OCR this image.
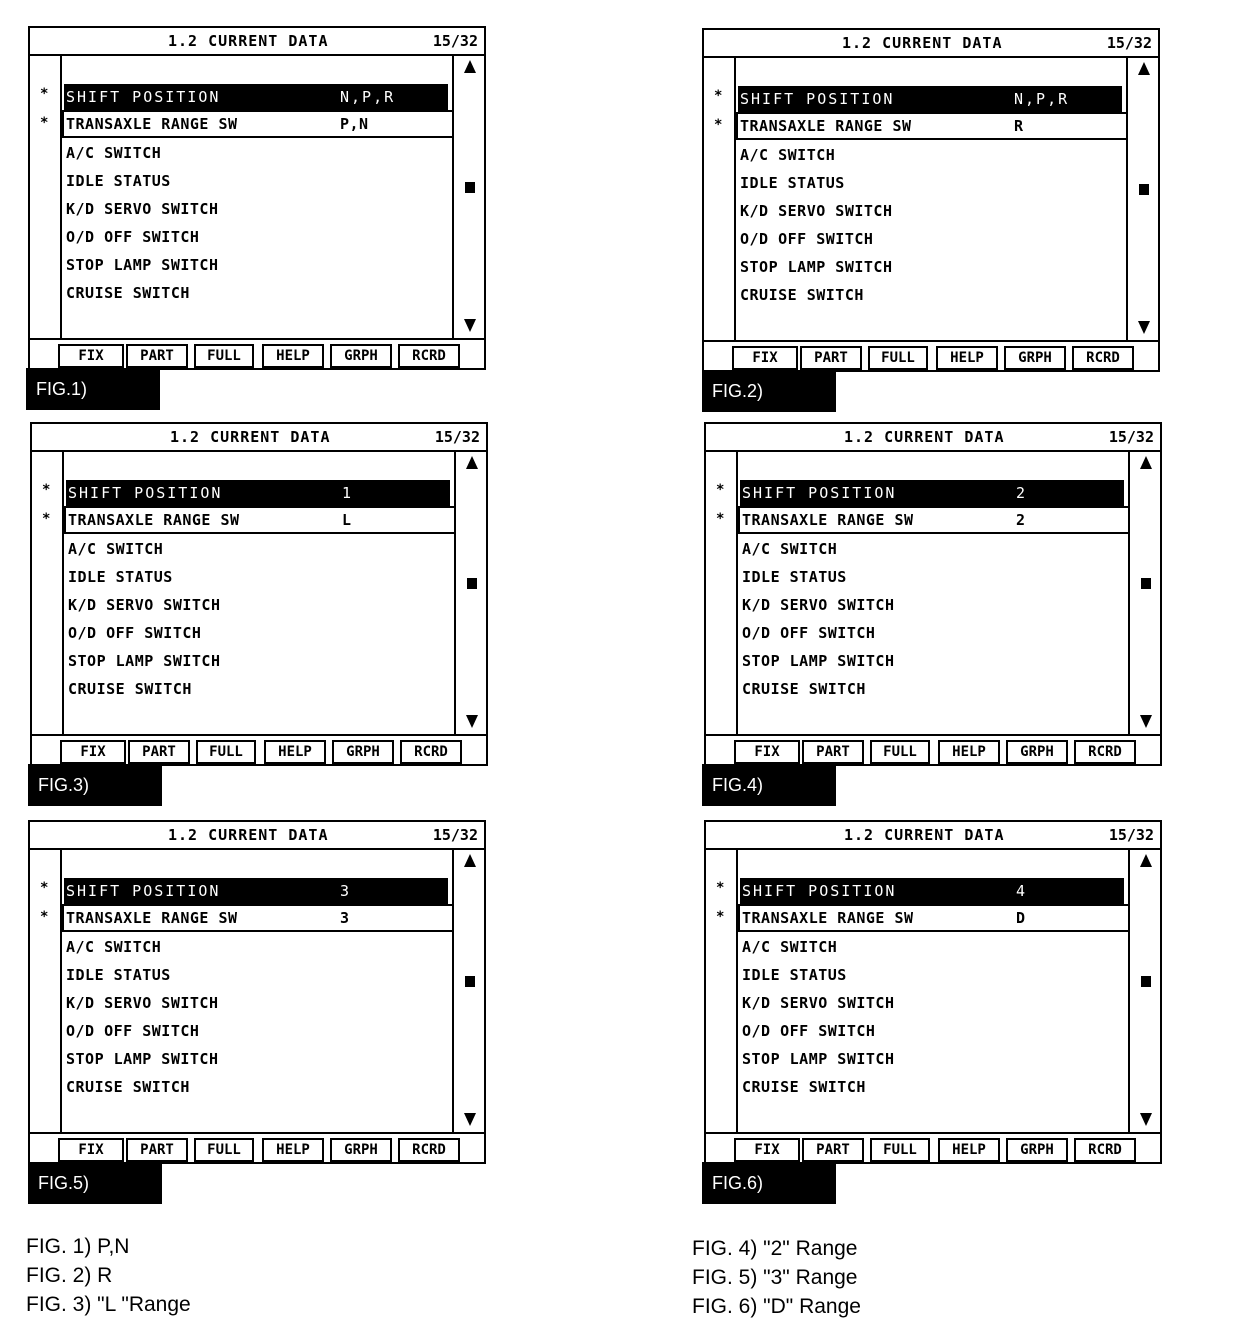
1.2 CURRENT DATA	15/32
*
*
SHIFT POSITION	N,P,R
TRANSAXLE RANGE SW	P,N
A/C SWITCH
IDLE STATUS
K/D SERVO SWITCH
O/D OFF SWITCH
STOP LAMP SWITCH
CRUISE SWITCH
FIX	PART	FULL	HELP	GRPH	RCRD
FIG.1)
1.2 CURRENT DATA	15/32
*
*
SHIFT POSITION	N,P,R
TRANSAXLE RANGE SW	R
A/C SWITCH
IDLE STATUS
K/D SERVO SWITCH
O/D OFF SWITCH
STOP LAMP SWITCH
CRUISE SWITCH
FIX	PART	FULL	HELP	GRPH	RCRD
FIG.2)
1.2 CURRENT DATA	15/32
*
*
SHIFT POSITION	1
TRANSAXLE RANGE SW	L
A/C SWITCH
IDLE STATUS
K/D SERVO SWITCH
O/D OFF SWITCH
STOP LAMP SWITCH
CRUISE SWITCH
FIX	PART	FULL	HELP	GRPH	RCRD
FIG.3)
1.2 CURRENT DATA	15/32
*
*
SHIFT POSITION	2
TRANSAXLE RANGE SW	2
A/C SWITCH
IDLE STATUS
K/D SERVO SWITCH
O/D OFF SWITCH
STOP LAMP SWITCH
CRUISE SWITCH
FIX	PART	FULL	HELP	GRPH	RCRD
FIG.4)
1.2 CURRENT DATA	15/32
*
*
SHIFT POSITION	3
TRANSAXLE RANGE SW	3
A/C SWITCH
IDLE STATUS
K/D SERVO SWITCH
O/D OFF SWITCH
STOP LAMP SWITCH
CRUISE SWITCH
FIX	PART	FULL	HELP	GRPH	RCRD
FIG.5)
1.2 CURRENT DATA	15/32
*
*
SHIFT POSITION	4
TRANSAXLE RANGE SW	D
A/C SWITCH
IDLE STATUS
K/D SERVO SWITCH
O/D OFF SWITCH
STOP LAMP SWITCH
CRUISE SWITCH
FIX	PART	FULL	HELP	GRPH	RCRD
FIG.6)
FIG. 1) P,N
FIG. 2) R
FIG. 3) "L "Range
FIG. 4) "2" Range
FIG. 5) "3" Range
FIG. 6) "D" Range
